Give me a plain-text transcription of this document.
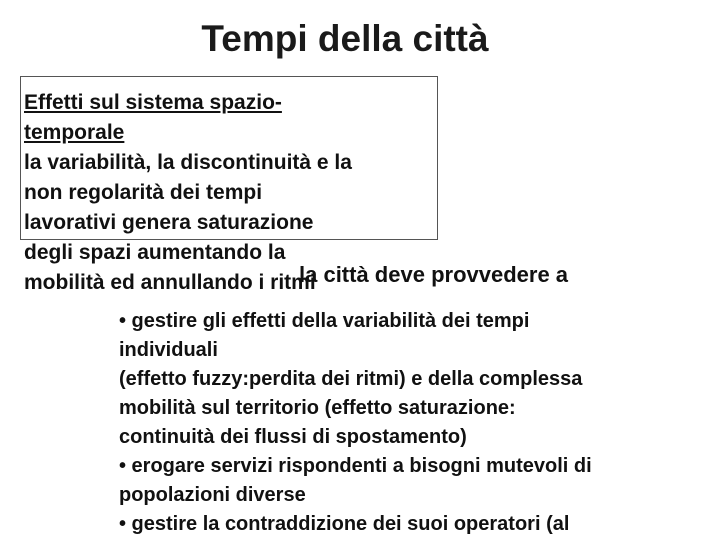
Tempi della città
Effetti sul sistema spazio-
temporale
la variabilità, la discontinuità e la
non regolarità dei tempi
lavorativi genera saturazione
degli spazi aumentando la
mobilità ed annullando i ritmi
la città deve provvedere a
• gestire gli effetti della variabilità dei tempi
individuali
(effetto fuzzy:perdita dei ritmi) e della complessa
mobilità sul territorio (effetto saturazione:
continuità dei flussi di spostamento)
• erogare servizi rispondenti a bisogni mutevoli di
popolazioni diverse
• gestire la contraddizione dei suoi operatori (al
